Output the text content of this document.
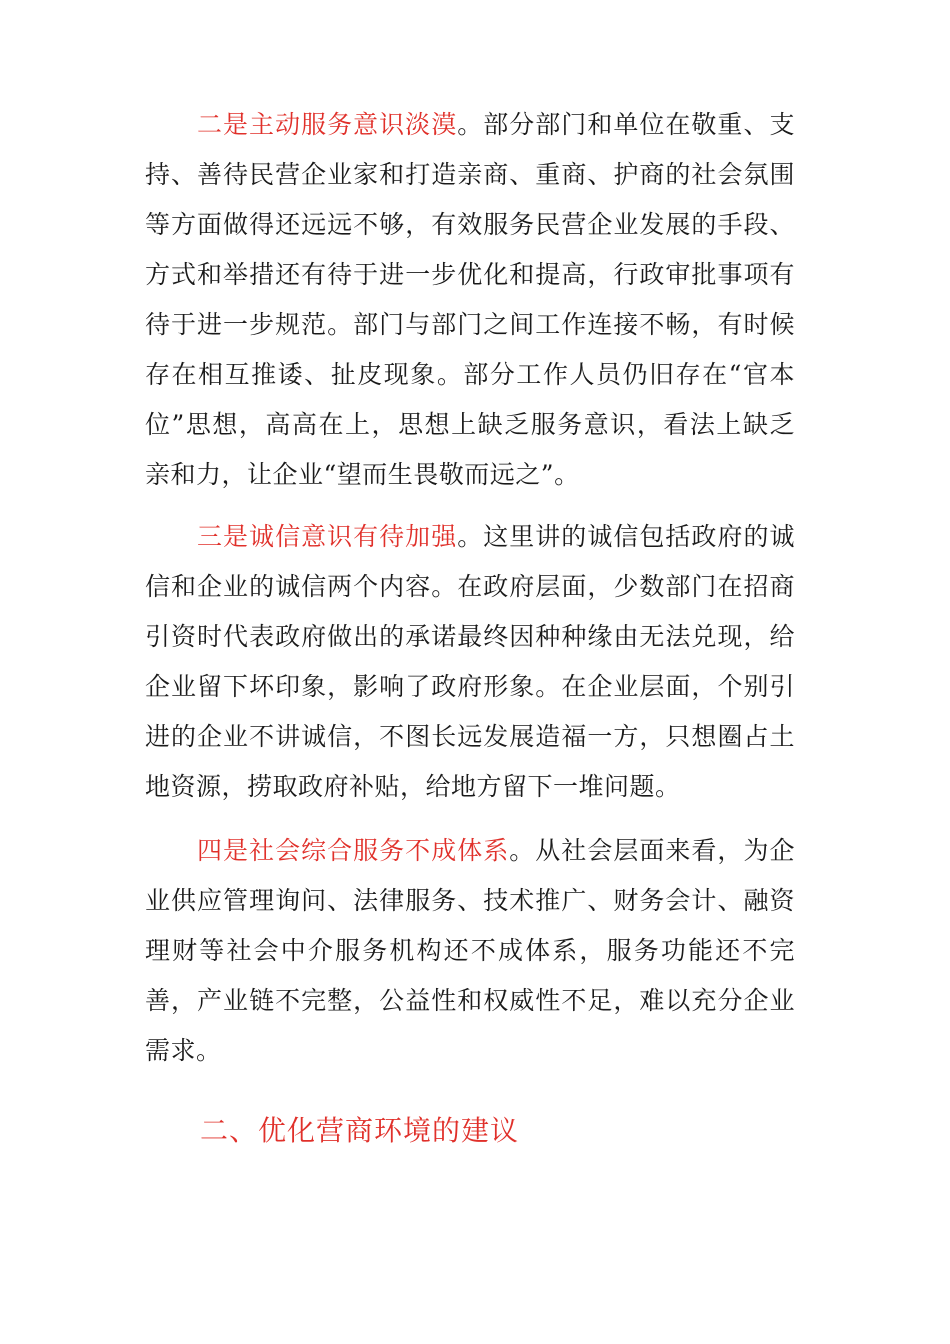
二是主动服务意识淡漠。部分部门和单位在敬重、支持、善待民营企业家和打造亲商、重商、护商的社会氛围等方面做得还远远不够，有效服务民营企业发展的手段、方式和举措还有待于进一步优化和提高，行政审批事项有待于进一步规范。部门与部门之间工作连接不畅，有时候存在相互推诿、扯皮现象。部分工作人员仍旧存在“官本位”思想，高高在上，思想上缺乏服务意识，看法上缺乏亲和力，让企业“望而生畏敬而远之”。

三是诚信意识有待加强。这里讲的诚信包括政府的诚信和企业的诚信两个内容。在政府层面，少数部门在招商引资时代表政府做出的承诺最终因种种缘由无法兑现，给企业留下坏印象，影响了政府形象。在企业层面，个别引进的企业不讲诚信，不图长远发展造福一方，只想圈占土地资源，捞取政府补贴，给地方留下一堆问题。

四是社会综合服务不成体系。从社会层面来看，为企业供应管理询问、法律服务、技术推广、财务会计、融资理财等社会中介服务机构还不成体系，服务功能还不完善，产业链不完整，公益性和权威性不足，难以充分企业需求。

二、优化营商环境的建议
